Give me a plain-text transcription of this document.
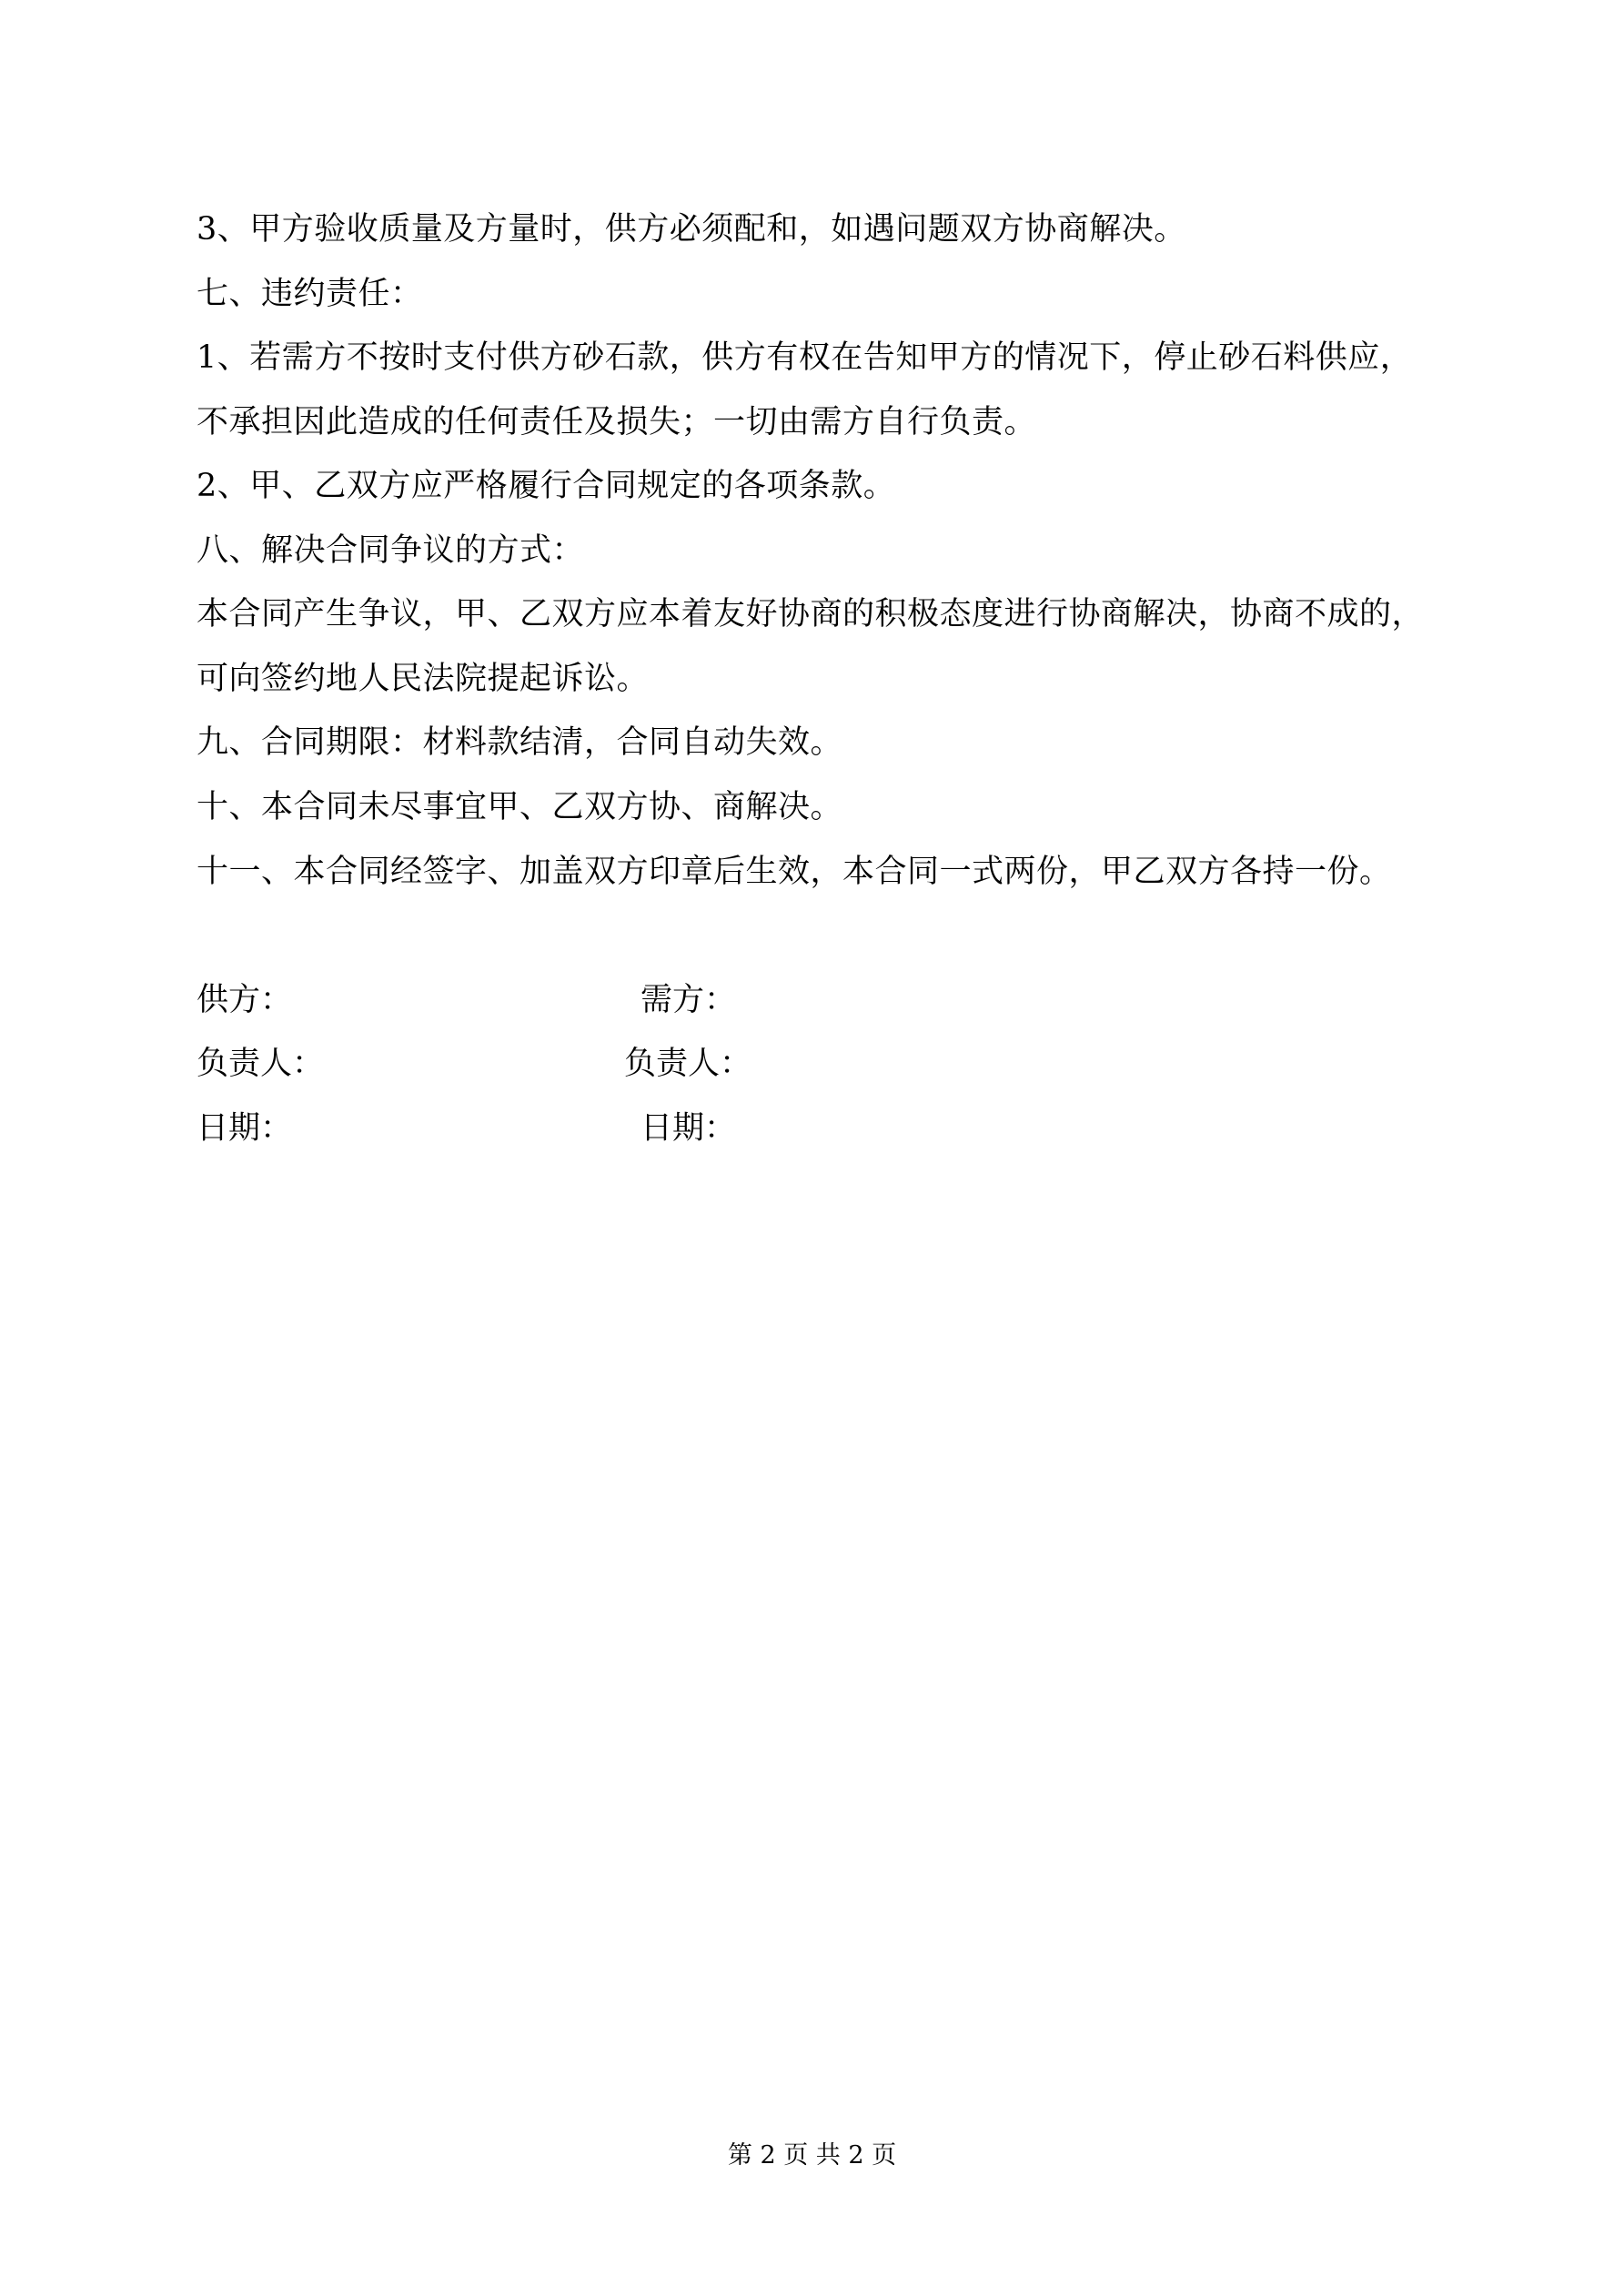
3、甲方验收质量及方量时，供方必须配和，如遇问题双方协商解决。
七、违约责任：
1、若需方不按时支付供方砂石款，供方有权在告知甲方的情况下，停止砂石料供应，
不承担因此造成的任何责任及损失；一切由需方自行负责。
2、甲、乙双方应严格履行合同规定的各项条款。
八、解决合同争议的方式：
本合同产生争议，甲、乙双方应本着友好协商的积极态度进行协商解决，协商不成的，
可向签约地人民法院提起诉讼。
九、合同期限：材料款结清，合同自动失效。
十、本合同未尽事宜甲、乙双方协、商解决。
十一、本合同经签字、加盖双方印章后生效，本合同一式两份，甲乙双方各持一份。
供方：	需方：
负责人：	负责人：
日期：	日期：
第 2 页 共 2 页
